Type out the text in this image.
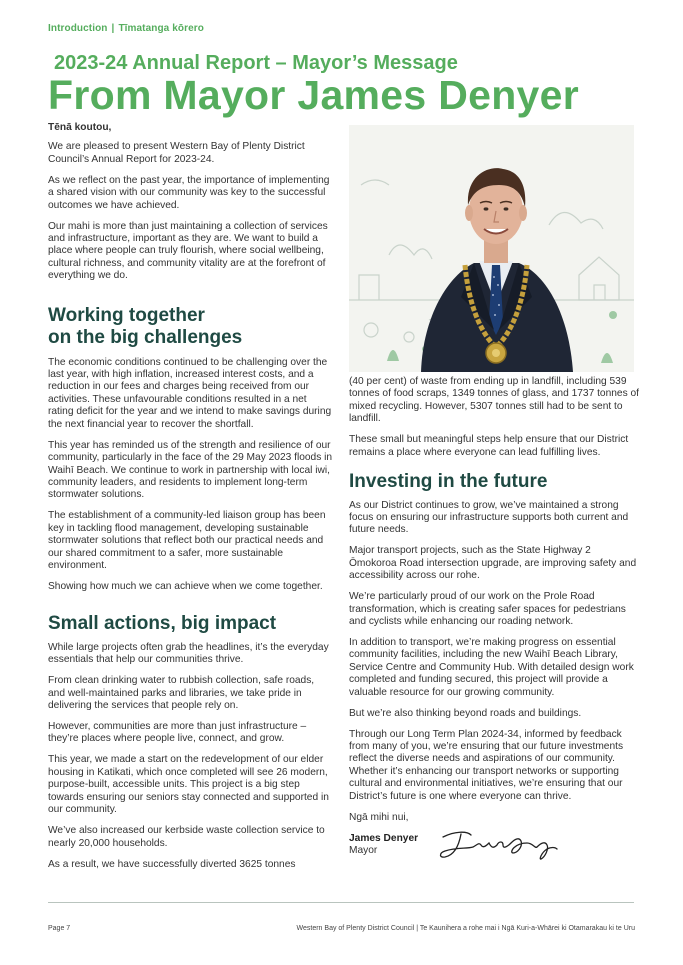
Introduction | Tīmatanga kōrero
2023-24 Annual Report – Mayor’s Message
From Mayor James Denyer

Tēnā koutou,

We are pleased to present Western Bay of Plenty District Council’s Annual Report for 2023-24.

As we reflect on the past year, the importance of implementing a shared vision with our community was key to the successful outcomes we have achieved.

Our mahi is more than just maintaining a collection of services and infrastructure, important as they are. We want to build a place where people can truly flourish, where social wellbeing, cultural richness, and community vitality are at the forefront of everything we do.

Working together
on the big challenges

The economic conditions continued to be challenging over the last year, with high inflation, increased interest costs, and a reduction in our fees and charges being received from our activities. These unfavourable conditions resulted in a net rating deficit for the year and we intend to make savings during the next financial year to recover the shortfall.

This year has reminded us of the strength and resilience of our community, particularly in the face of the 29 May 2023 floods in Waihī Beach. We continue to work in partnership with local iwi, community leaders, and residents to implement long-term stormwater solutions.

The establishment of a community-led liaison group has been key in tackling flood management, developing sustainable stormwater solutions that reflect both our practical needs and our shared commitment to a safer, more sustainable environment.

Showing how much we can achieve when we come together.

Small actions, big impact

While large projects often grab the headlines, it’s the everyday essentials that help our communities thrive.

From clean drinking water to rubbish collection, safe roads, and well-maintained parks and libraries, we take pride in delivering the services that people rely on.

However, communities are more than just infrastructure – they’re places where people live, connect, and grow.

This year, we made a start on the redevelopment of our elder housing in Katikati, which once completed will see 26 modern, purpose-built, accessible units. This project is a big step towards ensuring our seniors stay connected and supported in our community.

We’ve also increased our kerbside waste collection service to nearly 20,000 households.

As a result, we have successfully diverted 3625 tonnes

(40 per cent) of waste from ending up in landfill, including 539 tonnes of food scraps, 1349 tonnes of glass, and 1737 tonnes of mixed recycling. However, 5307 tonnes still had to be sent to landfill.

These small but meaningful steps help ensure that our District remains a place where everyone can lead fulfilling lives.

Investing in the future

As our District continues to grow, we’ve maintained a strong focus on ensuring our infrastructure supports both current and future needs.

Major transport projects, such as the State Highway 2 Ōmokoroa Road intersection upgrade, are improving safety and accessibility across our rohe.

We’re particularly proud of our work on the Prole Road transformation, which is creating safer spaces for pedestrians and cyclists while enhancing our roading network.

In addition to transport, we’re making progress on essential community facilities, including the new Waihī Beach Library, Service Centre and Community Hub. With detailed design work completed and funding secured, this project will provide a valuable resource for our growing community.

But we’re also thinking beyond roads and buildings.

Through our Long Term Plan 2024-34, informed by feedback from many of you, we’re ensuring that our future investments reflect the diverse needs and aspirations of our community. Whether it’s enhancing our transport networks or supporting cultural and environmental initiatives, we’re ensuring that our District’s future is one where everyone can thrive.

Ngā mihi nui,

James Denyer
Mayor
Page 7	Western Bay of Plenty District Council | Te Kaunihera a rohe mai i Ngā Kuri-a-Whārei ki Otamarakau ki te Uru
